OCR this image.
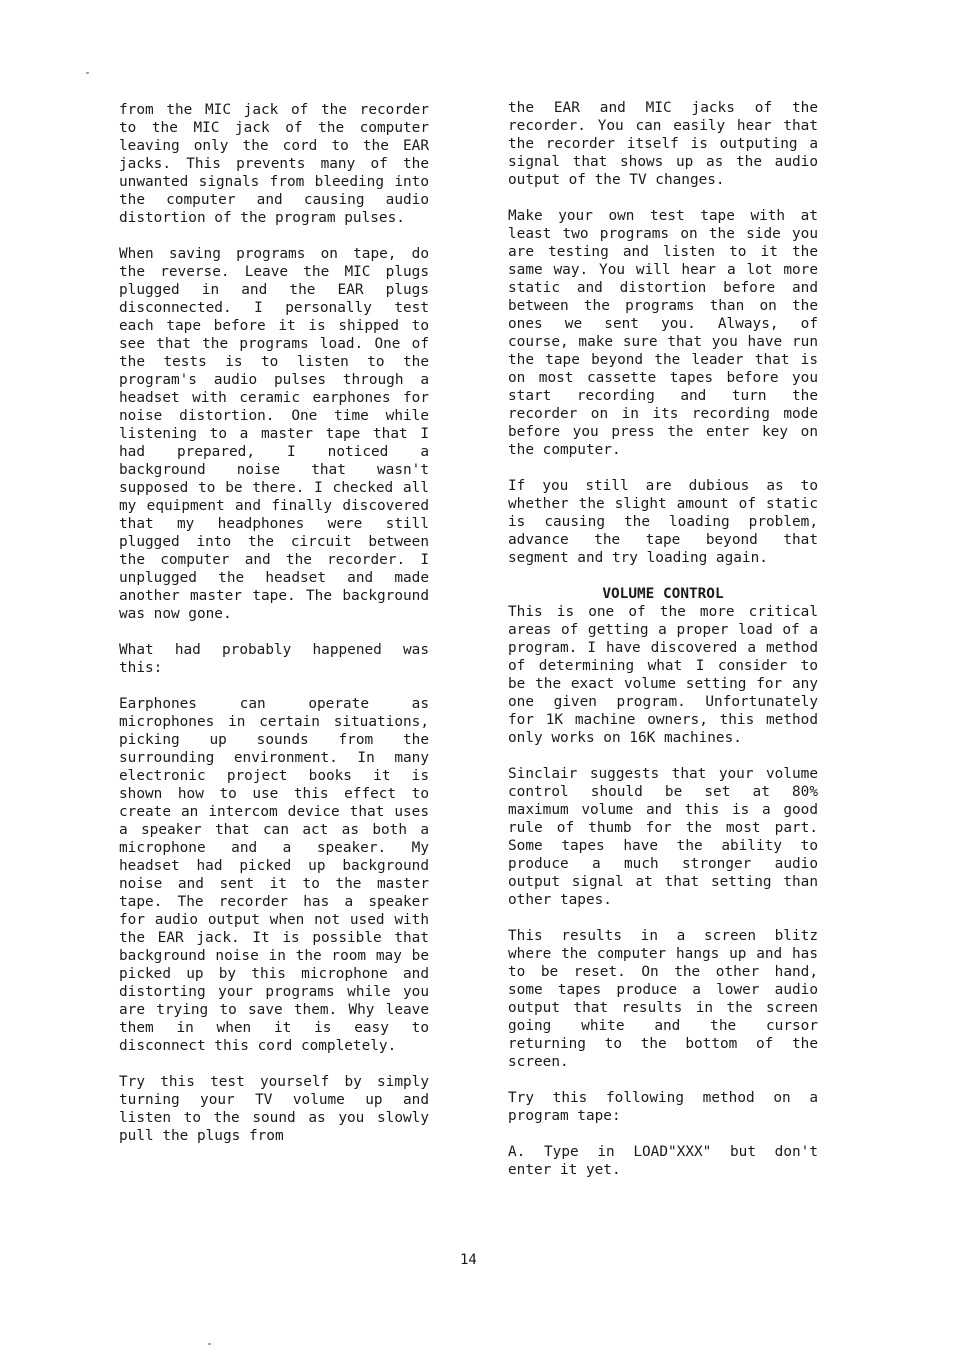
from the MIC jack of the recorder to the MIC jack of the computer leaving only the cord to the EAR jacks. This prevents many of the unwanted signals from bleeding into the computer and causing audio distortion of the program pulses.

When saving programs on tape, do the reverse. Leave the MIC plugs plugged in and the EAR plugs disconnected. I personally test each tape before it is shipped to see that the programs load. One of the tests is to listen to the program's audio pulses through a headset with ceramic earphones for noise distortion. One time while listening to a master tape that I had prepared, I noticed a background noise that wasn't supposed to be there. I checked all my equipment and finally discovered that my headphones were still plugged into the circuit between the computer and the recorder. I unplugged the headset and made another master tape. The background was now gone.

What had probably happened was this:

Earphones can operate as microphones in certain situations, picking up sounds from the surrounding environment. In many electronic project books it is shown how to use this effect to create an intercom device that uses a speaker that can act as both a microphone and a speaker. My headset had picked up background noise and sent it to the master tape. The recorder has a speaker for audio output when not used with the EAR jack. It is possible that background noise in the room may be picked up by this microphone and distorting your programs while you are trying to save them. Why leave them in when it is easy to disconnect this cord completely.

Try this test yourself by simply turning your TV volume up and listen to the sound as you slowly pull the plugs from

the EAR and MIC jacks of the recorder. You can easily hear that the recorder itself is outputing a signal that shows up as the audio output of the TV changes.

Make your own test tape with at least two programs on the side you are testing and listen to it the same way. You will hear a lot more static and distortion before and between the programs than on the ones we sent you. Always, of course, make sure that you have run the tape beyond the leader that is on most cassette tapes before you start recording and turn the recorder on in its recording mode before you press the enter key on the computer.

If you still are dubious as to whether the slight amount of static is causing the loading problem, advance the tape beyond that segment and try loading again.

VOLUME CONTROL

This is one of the more critical areas of getting a proper load of a program. I have discovered a method of determining what I consider to be the exact volume setting for any one given program. Unfortunately for 1K machine owners, this method only works on 16K machines.

Sinclair suggests that your volume control should be set at 80% maximum volume and this is a good rule of thumb for the most part. Some tapes have the ability to produce a much stronger audio output signal at that setting than other tapes.

This results in a screen blitz where the computer hangs up and has to be reset. On the other hand, some tapes produce a lower audio output that results in the screen going white and the cursor returning to the bottom of the screen.

Try this following method on a program tape:

A. Type in LOAD"XXX" but don't enter it yet.

14
